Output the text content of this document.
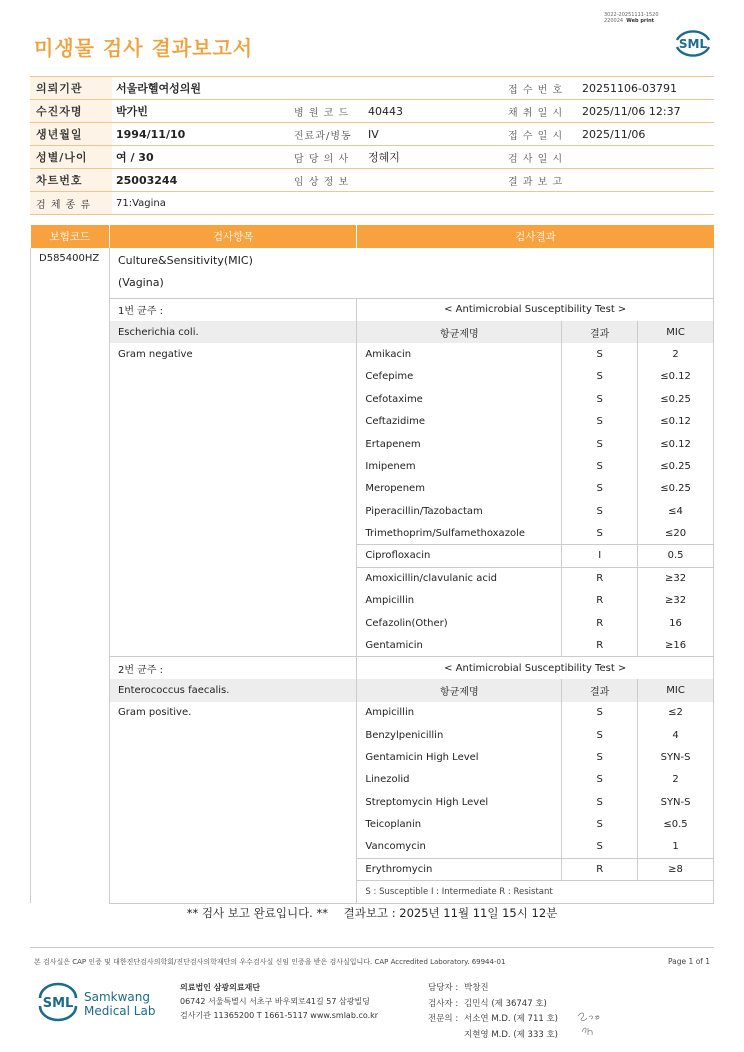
3022-20251111-1520
220024 Web print
미생물 검사 결과보고서	SML
의뢰기관	서울라헬여성의원			접 수 번 호	20251106-03791
수진자명	박가빈	병 원 코 드	40443	채 취 일 시	2025/11/06 12:37
생년월일	1994/11/10	진료과/병동	IV	접 수 일 시	2025/11/06
성별/나이	여 / 30	담 당 의 사	정혜지	검 사 일 시	
차트번호	25003244	임 상 정 보		결 과 보 고	
검 체 종 류	71:Vagina				
보험코드	검사항목	검사결과		
D585400HZ	Culture&Sensitivity(MIC)
(Vagina)			

	1번 균주 :	< Antimicrobial Susceptibility Test >		
	Escherichia coli.	항균제명	결과	MIC
	Gram negative	Amikacin	S	2
		Cefepime	S	≤0.12
		Cefotaxime	S	≤0.25
		Ceftazidime	S	≤0.12
		Ertapenem	S	≤0.12
		Imipenem	S	≤0.25
		Meropenem	S	≤0.25
		Piperacillin/Tazobactam	S	≤4
		Trimethoprim/Sulfamethoxazole	S	≤20
		Ciprofloxacin	I	0.5
		Amoxicillin/clavulanic acid	R	≥32
		Ampicillin	R	≥32
		Cefazolin(Other)	R	16
		Gentamicin	R	≥16
	2번 균주 :	< Antimicrobial Susceptibility Test >		
	Enterococcus faecalis.	항균제명	결과	MIC
	Gram positive.	Ampicillin	S	≤2
		Benzylpenicillin	S	4
		Gentamicin High Level	S	SYN-S
		Linezolid	S	2
		Streptomycin High Level	S	SYN-S
		Teicoplanin	S	≤0.5
		Vancomycin	S	1
		Erythromycin	R	≥8
		S : Susceptible I : Intermediate R : Resistant		
** 검사 보고 완료입니다. ** 결과보고 : 2025년 11월 11일 15시 12분
본 검사실은 CAP 인증 및 대한진단검사의학회/진단검사의학재단의 우수검사실 신임 인증을 받은 검사실입니다. CAP Accredited Laboratory. 69944-01	Page 1 of 1
SML Samkwang
Medical Lab
의료법인 삼광의료재단
06742 서울특별시 서초구 바우뫼로41길 57 삼광빌딩
검사기관 11365200 T 1661-5117 www.smlab.co.kr
담당자 : 박창진
검사자 : 김민식 (제 36747 호)
전문의 : 서소연 M.D. (제 711 호)
지현영 M.D. (제 333 호)
